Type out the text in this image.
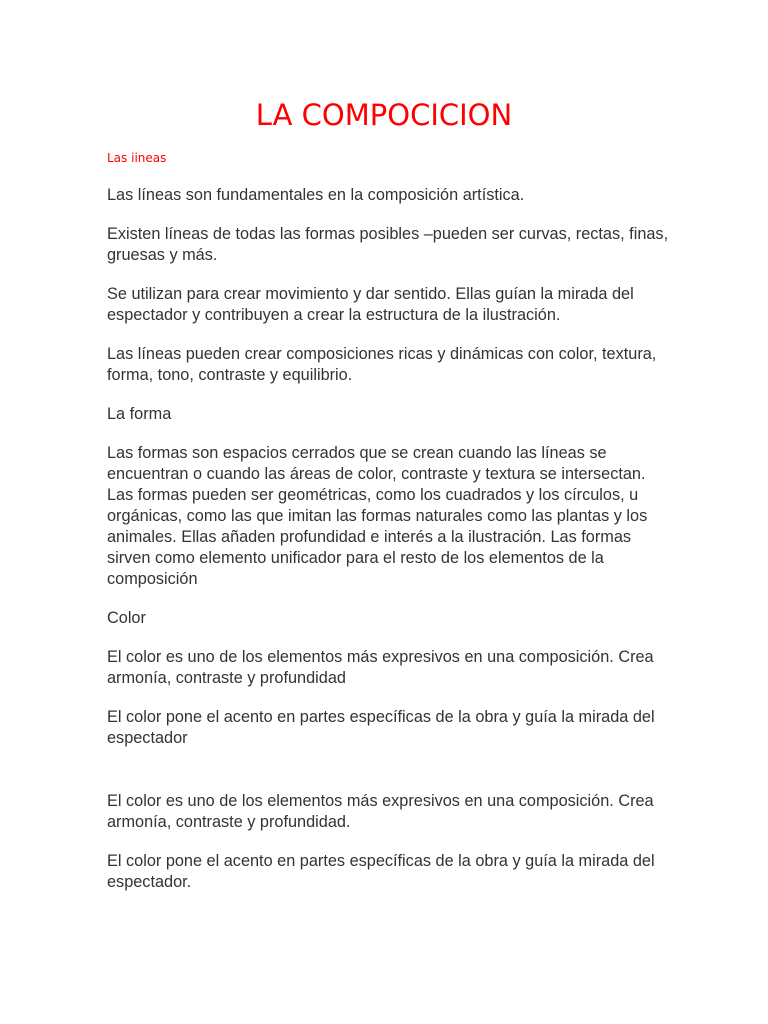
LA COMPOCICION
Las iineas

Las líneas son fundamentales en la composición artística.

Existen líneas de todas las formas posibles –pueden ser curvas, rectas, finas, gruesas y más.

Se utilizan para crear movimiento y dar sentido. Ellas guían la mirada del espectador y contribuyen a crear la estructura de la ilustración.

Las líneas pueden crear composiciones ricas y dinámicas con color, textura, forma, tono, contraste y equilibrio.

La forma

Las formas son espacios cerrados que se crean cuando las líneas se encuentran o cuando las áreas de color, contraste y textura se intersectan. Las formas pueden ser geométricas, como los cuadrados y los círculos, u orgánicas, como las que imitan las formas naturales como las plantas y los animales. Ellas añaden profundidad e interés a la ilustración. Las formas sirven como elemento unificador para el resto de los elementos de la composición

Color

El color es uno de los elementos más expresivos en una composición. Crea armonía, contraste y profundidad

El color pone el acento en partes específicas de la obra y guía la mirada del espectador

El color es uno de los elementos más expresivos en una composición. Crea armonía, contraste y profundidad.

El color pone el acento en partes específicas de la obra y guía la mirada del espectador.
